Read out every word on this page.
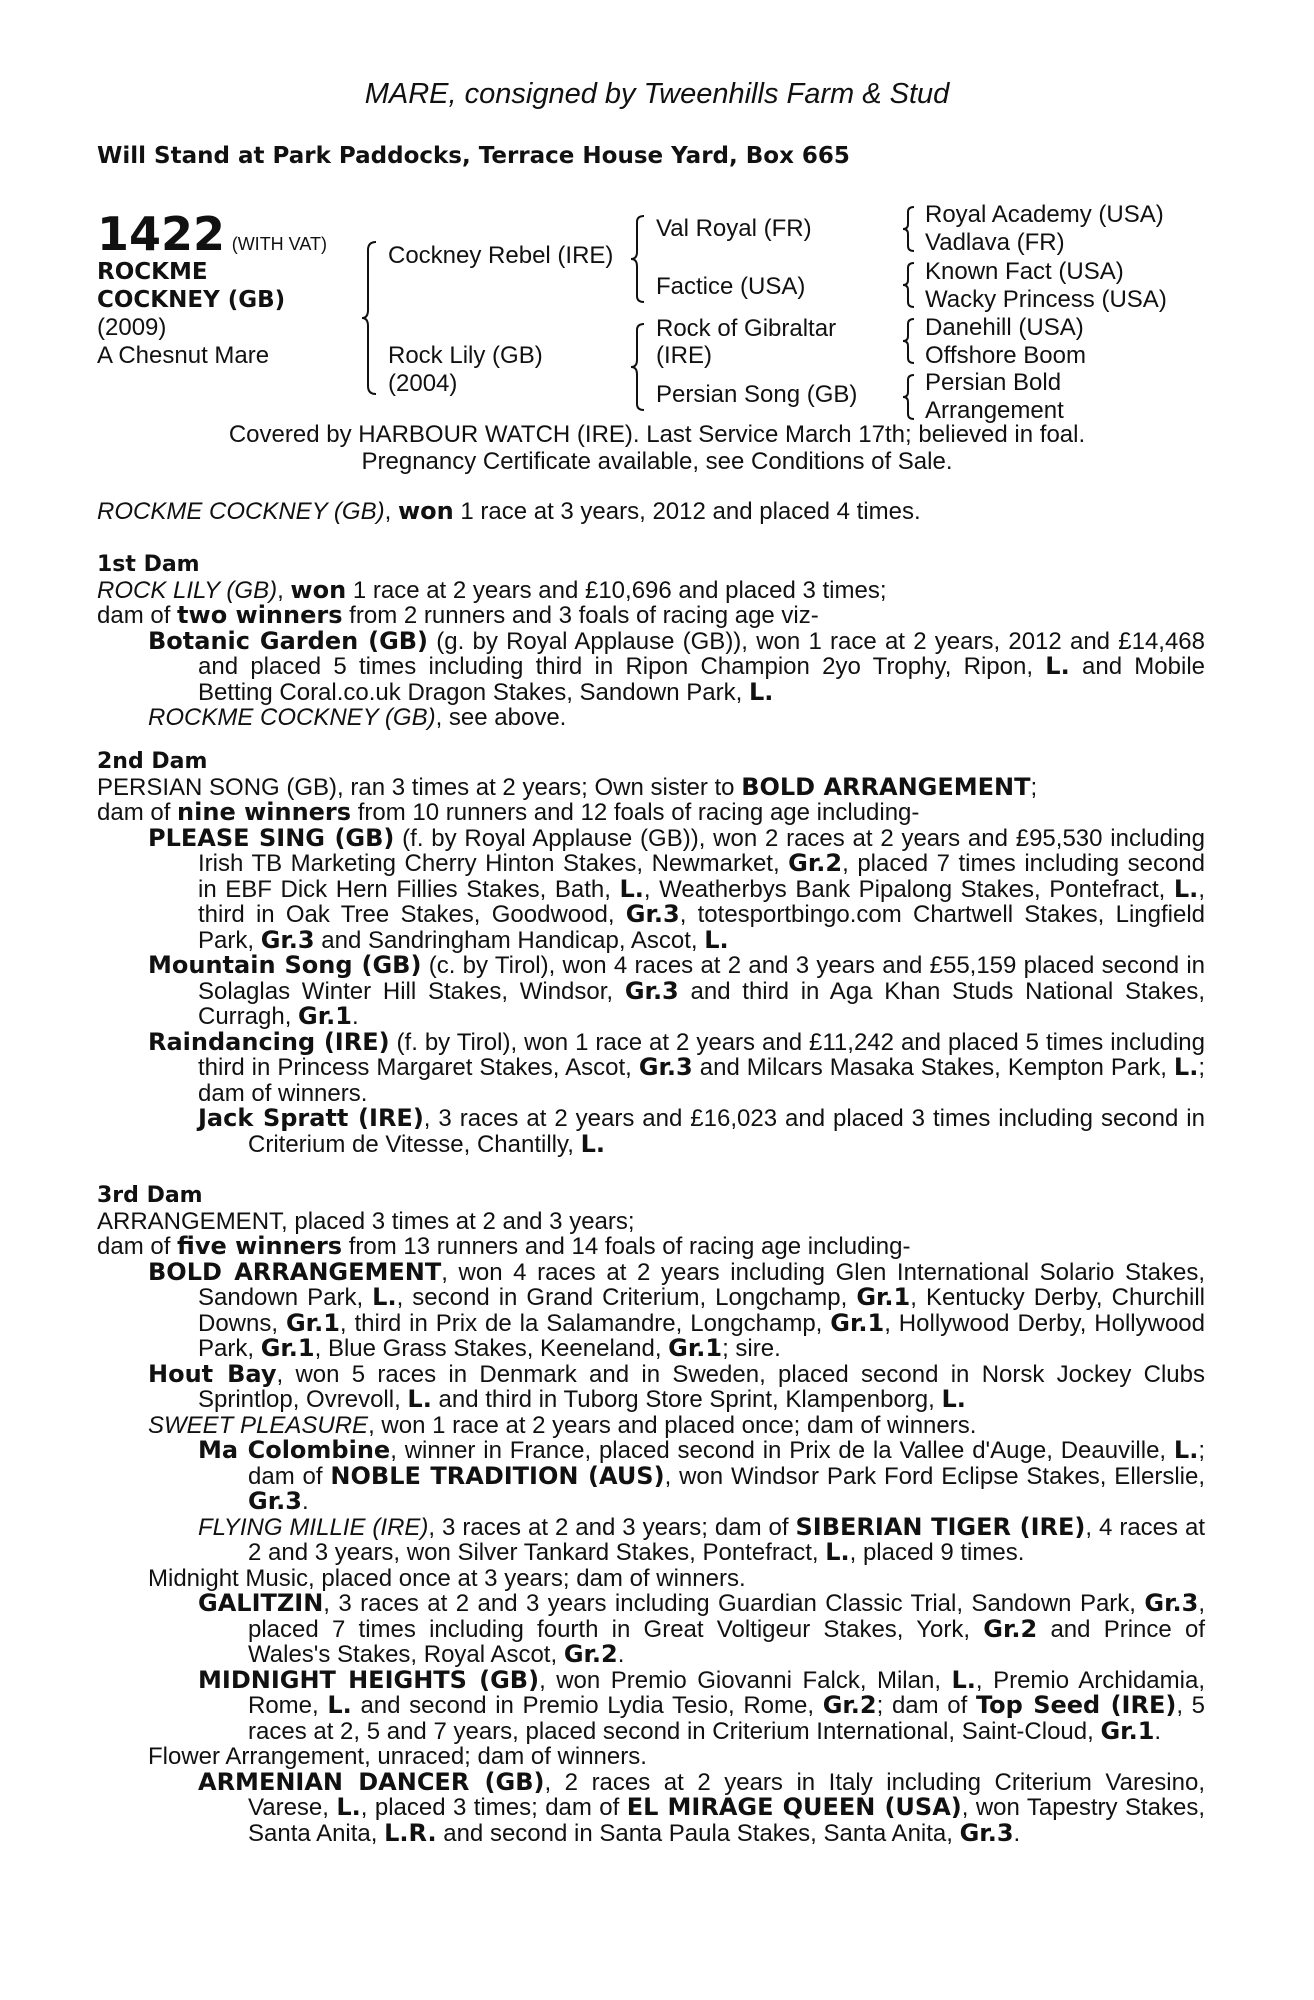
MARE, consigned by Tweenhills Farm & Stud
Will Stand at Park Paddocks, Terrace House Yard, Box 665
1422 (WITH VAT)
ROCKME
COCKNEY (GB)
(2009)
A Chesnut Mare
Cockney Rebel (IRE)
Rock Lily (GB)
(2004)
Val Royal (FR)
Factice (USA)
Rock of Gibraltar
(IRE)
Persian Song (GB)
Royal Academy (USA)
Vadlava (FR)
Known Fact (USA)
Wacky Princess (USA)
Danehill (USA)
Offshore Boom
Persian Bold
Arrangement
Covered by HARBOUR WATCH (IRE). Last Service March 17th; believed in foal.
Pregnancy Certificate available, see Conditions of Sale.

ROCKME COCKNEY (GB), won 1 race at 3 years, 2012 and placed 4 times.

1st Dam

ROCK LILY (GB), won 1 race at 2 years and £10,696 and placed 3 times;

dam of two winners from 2 runners and 3 foals of racing age viz-

Botanic Garden (GB) (g. by Royal Applause (GB)), won 1 race at 2 years, 2012 and £14,468 and placed 5 times including third in Ripon Champion 2yo Trophy, Ripon, L. and Mobile Betting Coral.co.uk Dragon Stakes, Sandown Park, L.

ROCKME COCKNEY (GB), see above.

2nd Dam

PERSIAN SONG (GB), ran 3 times at 2 years; Own sister to BOLD ARRANGEMENT;

dam of nine winners from 10 runners and 12 foals of racing age including-

PLEASE SING (GB) (f. by Royal Applause (GB)), won 2 races at 2 years and £95,530 including Irish TB Marketing Cherry Hinton Stakes, Newmarket, Gr.2, placed 7 times including second in EBF Dick Hern Fillies Stakes, Bath, L., Weatherbys Bank Pipalong Stakes, Pontefract, L., third in Oak Tree Stakes, Goodwood, Gr.3, totesportbingo.com Chartwell Stakes, Lingfield Park, Gr.3 and Sandringham Handicap, Ascot, L.

Mountain Song (GB) (c. by Tirol), won 4 races at 2 and 3 years and £55,159 placed second in Solaglas Winter Hill Stakes, Windsor, Gr.3 and third in Aga Khan Studs National Stakes, Curragh, Gr.1.

Raindancing (IRE) (f. by Tirol), won 1 race at 2 years and £11,242 and placed 5 times including third in Princess Margaret Stakes, Ascot, Gr.3 and Milcars Masaka Stakes, Kempton Park, L.; dam of winners.

Jack Spratt (IRE), 3 races at 2 years and £16,023 and placed 3 times including second in Criterium de Vitesse, Chantilly, L.

3rd Dam

ARRANGEMENT, placed 3 times at 2 and 3 years;

dam of five winners from 13 runners and 14 foals of racing age including-

BOLD ARRANGEMENT, won 4 races at 2 years including Glen International Solario Stakes, Sandown Park, L., second in Grand Criterium, Longchamp, Gr.1, Kentucky Derby, Churchill Downs, Gr.1, third in Prix de la Salamandre, Longchamp, Gr.1, Hollywood Derby, Hollywood Park, Gr.1, Blue Grass Stakes, Keeneland, Gr.1; sire.

Hout Bay, won 5 races in Denmark and in Sweden, placed second in Norsk Jockey Clubs Sprintlop, Ovrevoll, L. and third in Tuborg Store Sprint, Klampenborg, L.

SWEET PLEASURE, won 1 race at 2 years and placed once; dam of winners.

Ma Colombine, winner in France, placed second in Prix de la Vallee d'Auge, Deauville, L.; dam of NOBLE TRADITION (AUS), won Windsor Park Ford Eclipse Stakes, Ellerslie, Gr.3.

FLYING MILLIE (IRE), 3 races at 2 and 3 years; dam of SIBERIAN TIGER (IRE), 4 races at 2 and 3 years, won Silver Tankard Stakes, Pontefract, L., placed 9 times.

Midnight Music, placed once at 3 years; dam of winners.

GALITZIN, 3 races at 2 and 3 years including Guardian Classic Trial, Sandown Park, Gr.3, placed 7 times including fourth in Great Voltigeur Stakes, York, Gr.2 and Prince of Wales's Stakes, Royal Ascot, Gr.2.

MIDNIGHT HEIGHTS (GB), won Premio Giovanni Falck, Milan, L., Premio Archidamia, Rome, L. and second in Premio Lydia Tesio, Rome, Gr.2; dam of Top Seed (IRE), 5 races at 2, 5 and 7 years, placed second in Criterium International, Saint-Cloud, Gr.1.

Flower Arrangement, unraced; dam of winners.

ARMENIAN DANCER (GB), 2 races at 2 years in Italy including Criterium Varesino, Varese, L., placed 3 times; dam of EL MIRAGE QUEEN (USA), won Tapestry Stakes, Santa Anita, L.R. and second in Santa Paula Stakes, Santa Anita, Gr.3.
